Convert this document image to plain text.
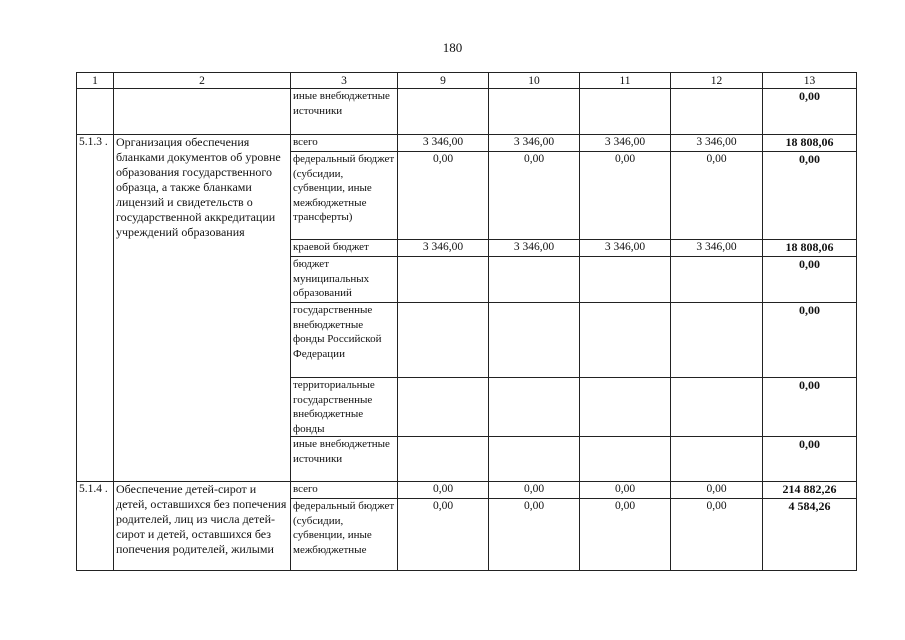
180
1	2	3	9	10	11	12	13
		иные внебюджетные источники					0,00
5.1.3 .	Организация обеспечения бланками документов об уровне образования государственного образца, а также бланками лицензий и свидетельств о государственной аккредитации учреждений образования	всего	3 346,00	3 346,00	3 346,00	3 346,00	18 808,06
		федеральный бюджет (субсидии, субвенции, иные межбюджетные трансферты)	0,00	0,00	0,00	0,00	0,00
		краевой бюджет	3 346,00	3 346,00	3 346,00	3 346,00	18 808,06
		бюджет муниципальных образований					0,00
		государственные внебюджетные фонды Российской Федерации					0,00
		территориальные государственные внебюджетные фонды					0,00
		иные внебюджетные источники					0,00
5.1.4 .	Обеспечение детей-сирот и детей, оставшихся без попечения родителей, лиц из числа детей-сирот и детей, оставшихся без попечения родителей, жилыми	всего	0,00	0,00	0,00	0,00	214 882,26
		федеральный бюджет (субсидии, субвенции, иные межбюджетные	0,00	0,00	0,00	0,00	4 584,26
